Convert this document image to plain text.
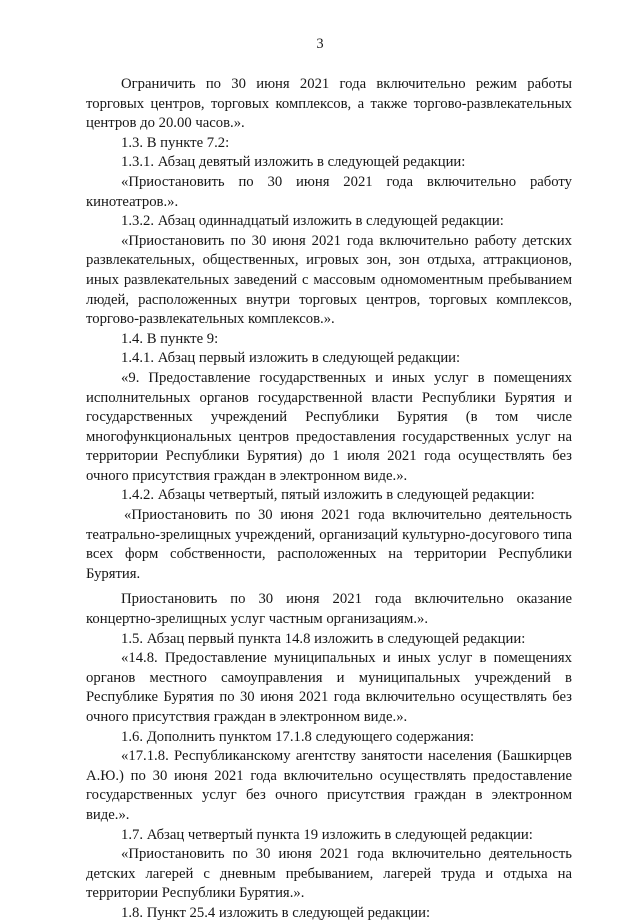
3

Ограничить по 30 июня 2021 года включительно режим работы торговых центров, торговых комплексов, а также торгово-развлекательных центров до 20.00 часов.».

1.3. В пункте 7.2:

1.3.1. Абзац девятый изложить в следующей редакции:

«Приостановить по 30 июня 2021 года включительно работу кинотеатров.».

1.3.2. Абзац одиннадцатый изложить в следующей редакции:

«Приостановить по 30 июня 2021 года включительно работу детских развлекательных, общественных, игровых зон, зон отдыха, аттракционов, иных развлекательных заведений с массовым одномоментным пребыванием людей, расположенных внутри торговых центров, торговых комплексов, торгово-развлекательных комплексов.».

1.4. В пункте 9:

1.4.1. Абзац первый изложить в следующей редакции:

«9. Предоставление государственных и иных услуг в помещениях исполнительных органов государственной власти Республики Бурятия и государственных учреждений Республики Бурятия (в том числе многофункциональных центров предоставления государственных услуг на территории Республики Бурятия) до 1 июля 2021 года осуществлять без очного присутствия граждан в электронном виде.».

1.4.2. Абзацы четвертый, пятый изложить в следующей редакции:

«Приостановить по 30 июня 2021 года включительно деятельность театрально-зрелищных учреждений, организаций культурно-досугового типа всех форм собственности, расположенных на территории Республики Бурятия.

Приостановить по 30 июня 2021 года включительно оказание концертно-зрелищных услуг частным организациям.».

1.5. Абзац первый пункта 14.8 изложить в следующей редакции:

«14.8. Предоставление муниципальных и иных услуг в помещениях органов местного самоуправления и муниципальных учреждений в Республике Бурятия по 30 июня 2021 года включительно осуществлять без очного присутствия граждан в электронном виде.».

1.6. Дополнить пунктом 17.1.8 следующего содержания:

«17.1.8. Республиканскому агентству занятости населения (Башкирцев А.Ю.) по 30 июня 2021 года включительно осуществлять предоставление государственных услуг без очного присутствия граждан в электронном виде.».

1.7. Абзац четвертый пункта 19 изложить в следующей редакции:

«Приостановить по 30 июня 2021 года включительно деятельность детских лагерей с дневным пребыванием, лагерей труда и отдыха на территории Республики Бурятия.».

1.8. Пункт 25.4 изложить в следующей редакции:
